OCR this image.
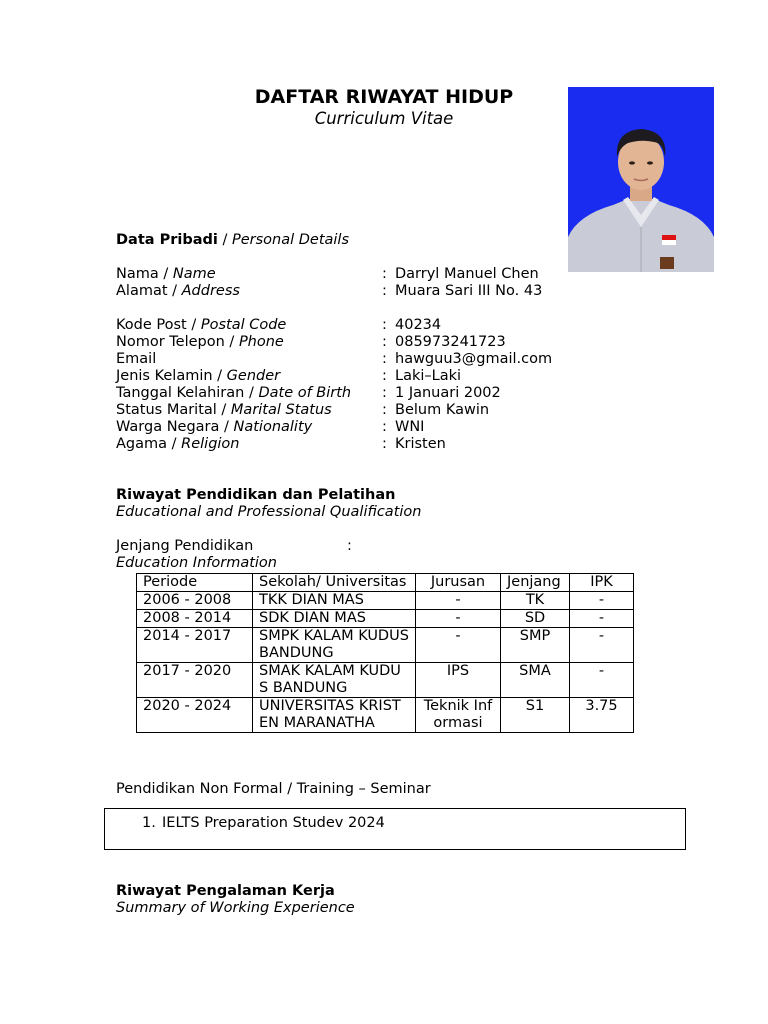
DAFTAR RIWAYAT HIDUP
Curriculum Vitae
Data Pribadi / Personal Details
Nama / Name	: Darryl Manuel Chen
Alamat / Address	: Muara Sari III No. 43
Kode Post / Postal Code	: 40234
Nomor Telepon / Phone	: 085973241723
Email	: hawguu3@gmail.com
Jenis Kelamin / Gender	: Laki–Laki
Tanggal Kelahiran / Date of Birth : 1 Januari 2002
Status Marital / Marital Status	: Belum Kawin
Warga Negara / Nationality	: WNI
Agama / Religion	: Kristen
Riwayat Pendidikan dan Pelatihan
Educational and Professional Qualification
Jenjang Pendidikan	:
Education Information
Periode	Sekolah/ Universitas	Jurusan	Jenjang	IPK
2006 - 2008	TKK DIAN MAS	-	TK	-
2008 - 2014	SDK DIAN MAS	-	SD	-
2014 - 2017	SMPK KALAM KUDUS BANDUNG	-	SMP	-
2017 - 2020	SMAK KALAM KUDUS BANDUNG	IPS	SMA	-
2020 - 2024	UNIVERSITAS KRISTEN MARANATHA	Teknik Informasi	S1	3.75
Pendidikan Non Formal / Training – Seminar
1. IELTS Preparation Studev 2024
Riwayat Pengalaman Kerja
Summary of Working Experience
